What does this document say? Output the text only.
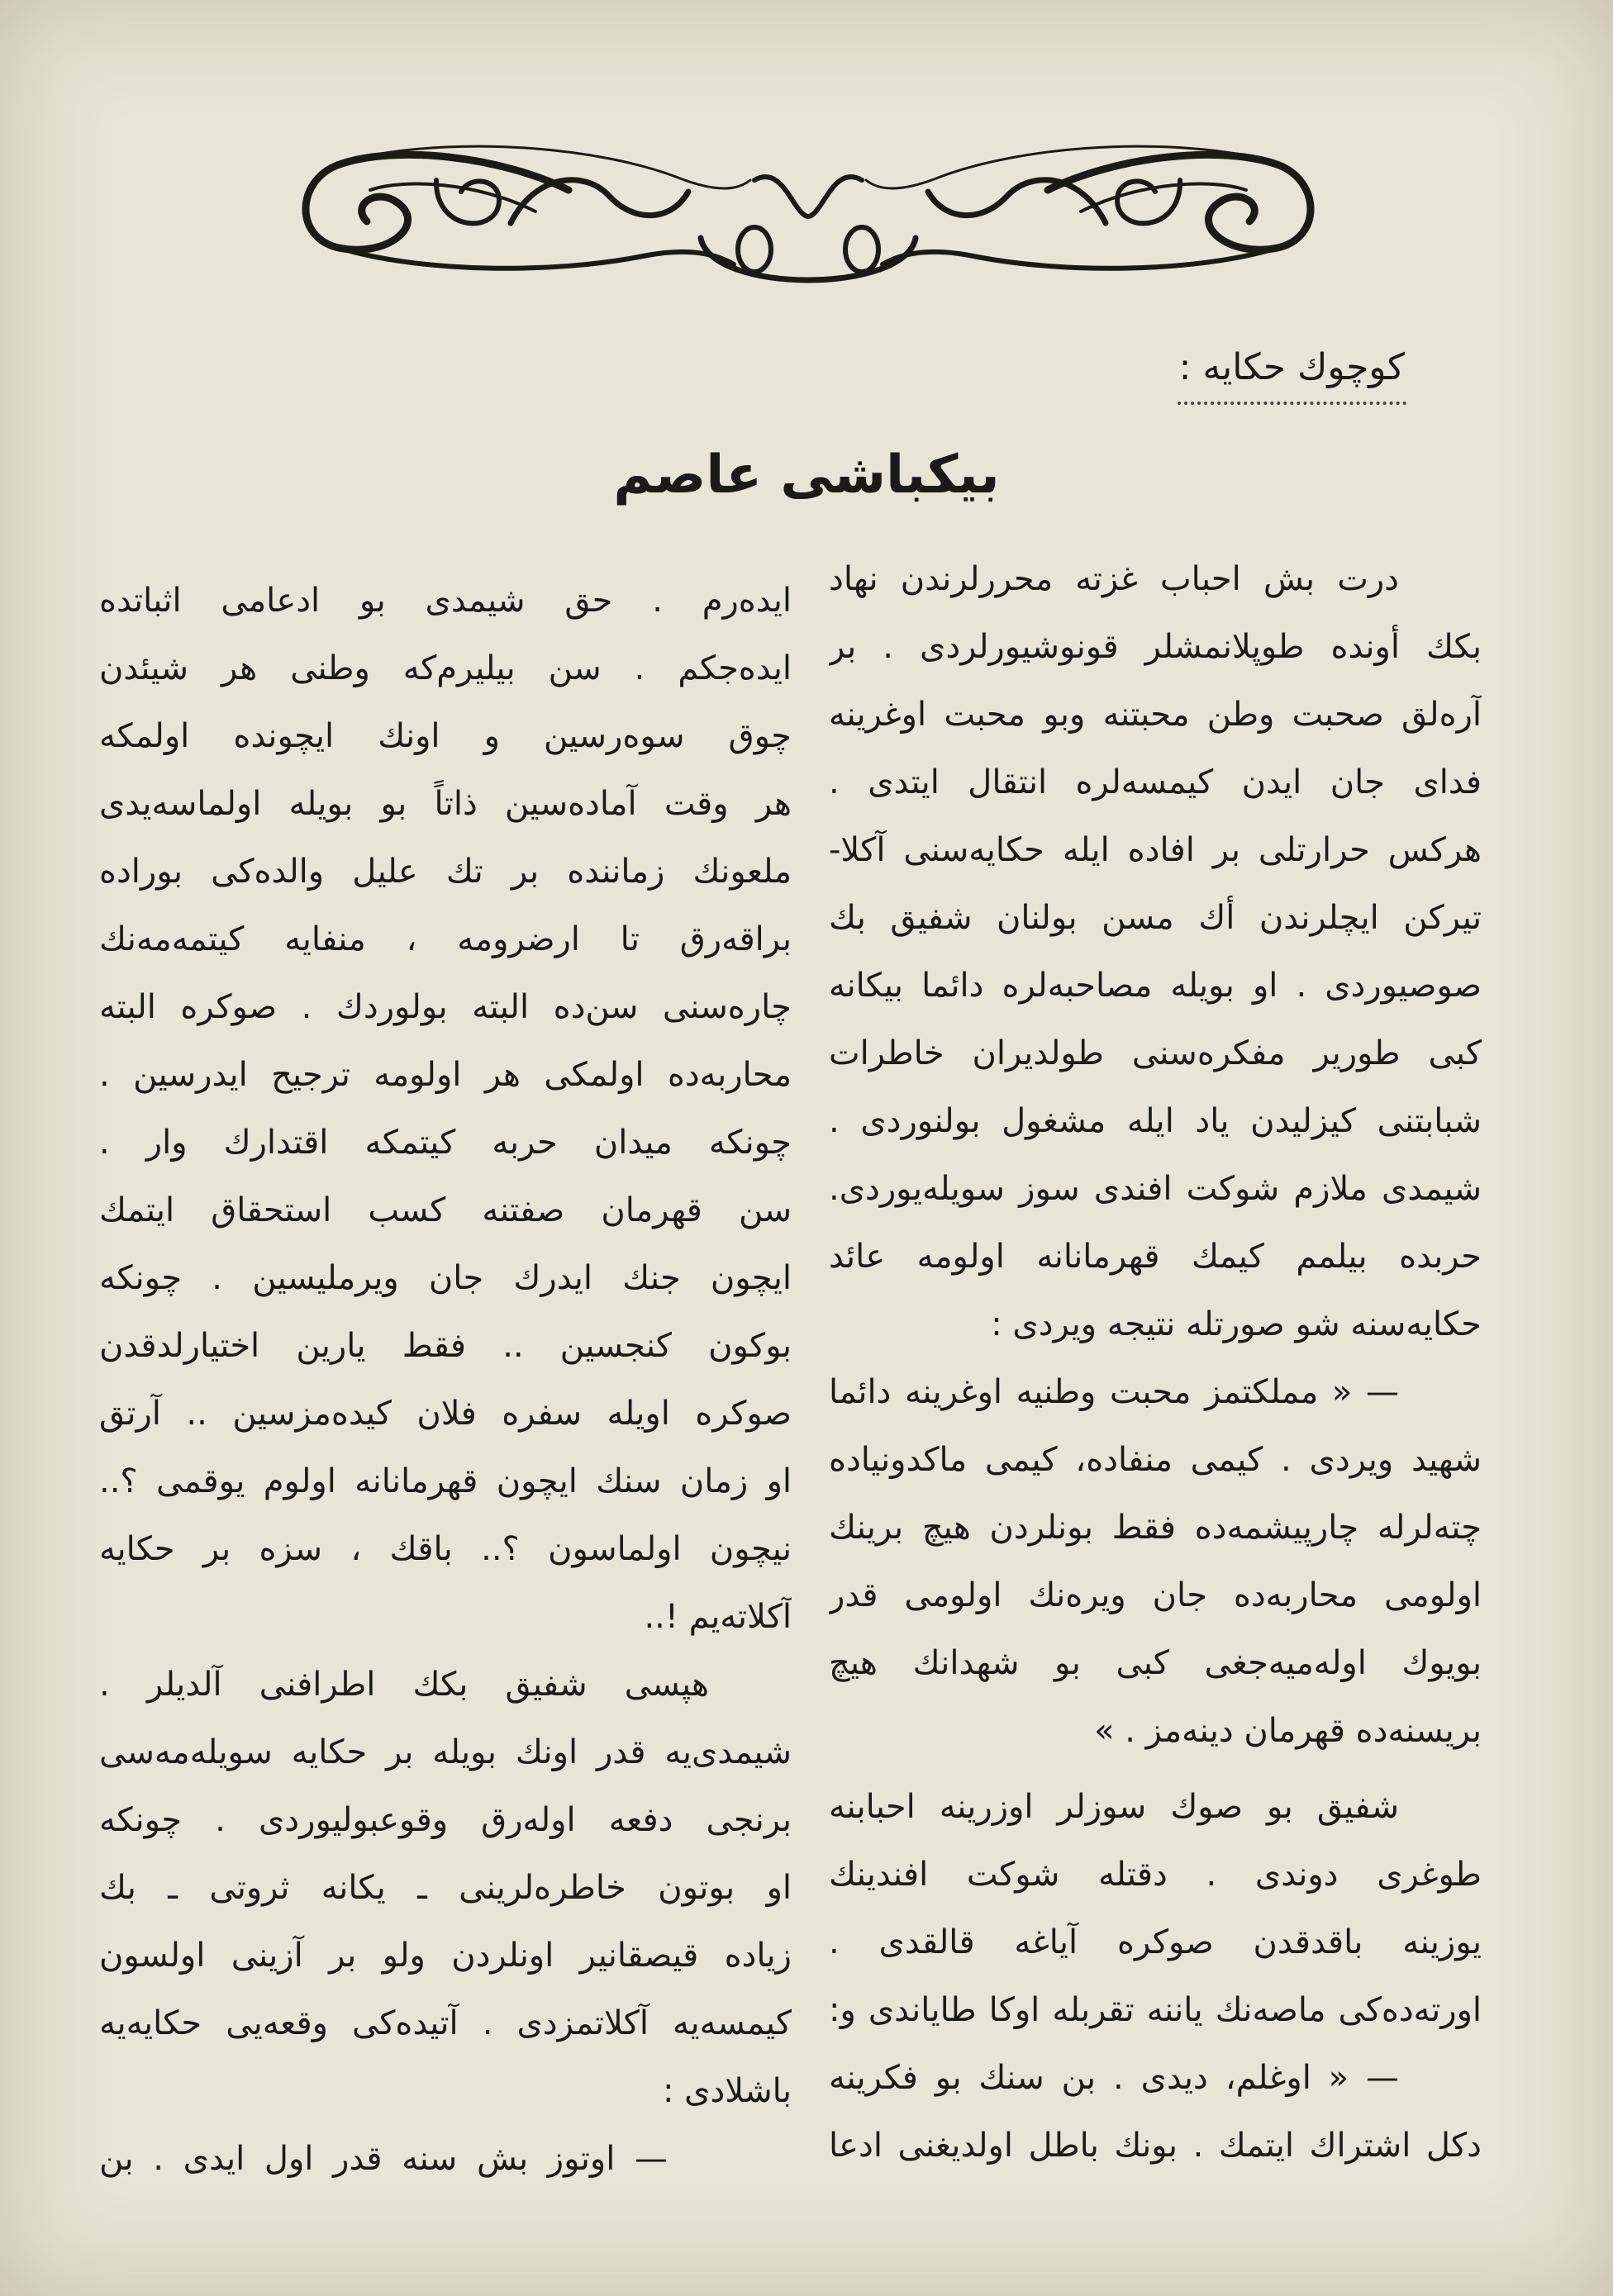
كوچوك حكايه :
بيكباشى عاصم
درت بش احباب غزته محررلرندن نهاد
بكك أونده طوپلانمشلر قونوشيورلردى . بر
آره‌لق صحبت وطن محبتنه وبو محبت اوغرينه
فداى جان ايدن كيمسه‌لره انتقال ايتدى .
هركس حرارتلى بر افاده ايله حكايه‌سنى آكلا-
تيركن ايچلرندن أك مسن بولنان شفيق بك
صوصيوردى . او بويله مصاحبه‌لره دائما بيكانه
كبى طورير مفكره‌سنى طولديران خاطرات
شبابتنى كيزليدن ياد ايله مشغول بولنوردى .
شيمدى ملازم شوكت افندى سوز سويله‌يوردى.
حربده بيلمم كيمك قهرمانانه اولومه عائد
حكايه‌سنه شو صورتله نتيجه ويردى :
— « مملكتمز محبت وطنيه اوغرينه دائما
شهيد ويردى . كيمى منفاده، كيمى ماكدونياده
چته‌لرله چارپيشمه‌ده فقط بونلردن هيچ برينك
اولومى محاربه‌ده جان ويره‌نك اولومى قدر
بويوك اوله‌ميه‌جغى كبى بو شهدانك هيچ
بريسنه‌ده قهرمان دينه‌مز . »
شفيق بو صوك سوزلر اوزرينه احبابنه
طوغرى دوندى . دقتله شوكت افندينك
يوزينه باقدقدن صوكره آياغه قالقدى .
اورته‌ده‌كى ماصه‌نك ياننه تقربله اوكا طاياندى و:
— « اوغلم، ديدى . بن سنك بو فكرينه
دكل اشتراك ايتمك . بونك باطل اولديغنى ادعا
ايده‌رم . حق شيمدى بو ادعامى اثباتده
ايده‌جكم . سن بيليرم‌كه وطنى هر شيئدن
چوق سوه‌رسين و اونك ايچونده اولمكه
هر وقت آماده‌سين ذاتاً بو بويله اولماسه‌يدى
ملعونك زماننده بر تك عليل والده‌كى بوراده
براقه‌رق تا ارضرومه ، منفايه كيتمه‌مه‌نك
چاره‌سنى سن‌ده البته بولوردك . صوكره البته
محاربه‌ده اولمكى هر اولومه ترجيح ايدرسين .
چونكه ميدان حربه كيتمكه اقتدارك وار .
سن قهرمان صفتنه كسب استحقاق ايتمك
ايچون جنك ايدرك جان ويرمليسين . چونكه
بوكون كنجسين .. فقط يارين اختيارلدقدن
صوكره اويله سفره فلان كيده‌مزسين .. آرتق
او زمان سنك ايچون قهرمانانه اولوم يوقمى ؟..
نيچون اولماسون ؟.. باقك ، سزه بر حكايه
آكلاته‌يم !..
هپسى شفيق بكك اطرافنى آلديلر .
شيمدى‌يه قدر اونك بويله بر حكايه سويله‌مه‌سى
برنجى دفعه اوله‌رق وقوعبوليوردى . چونكه
او بوتون خاطره‌لرينى ـ يكانه ثروتى ـ بك
زياده قيصقانير اونلردن ولو بر آزينى اولسون
كيمسه‌يه آكلاتمزدى . آتيده‌كى وقعه‌يى حكايه‌يه
باشلادى :
— اوتوز بش سنه قدر اول ايدى . بن
